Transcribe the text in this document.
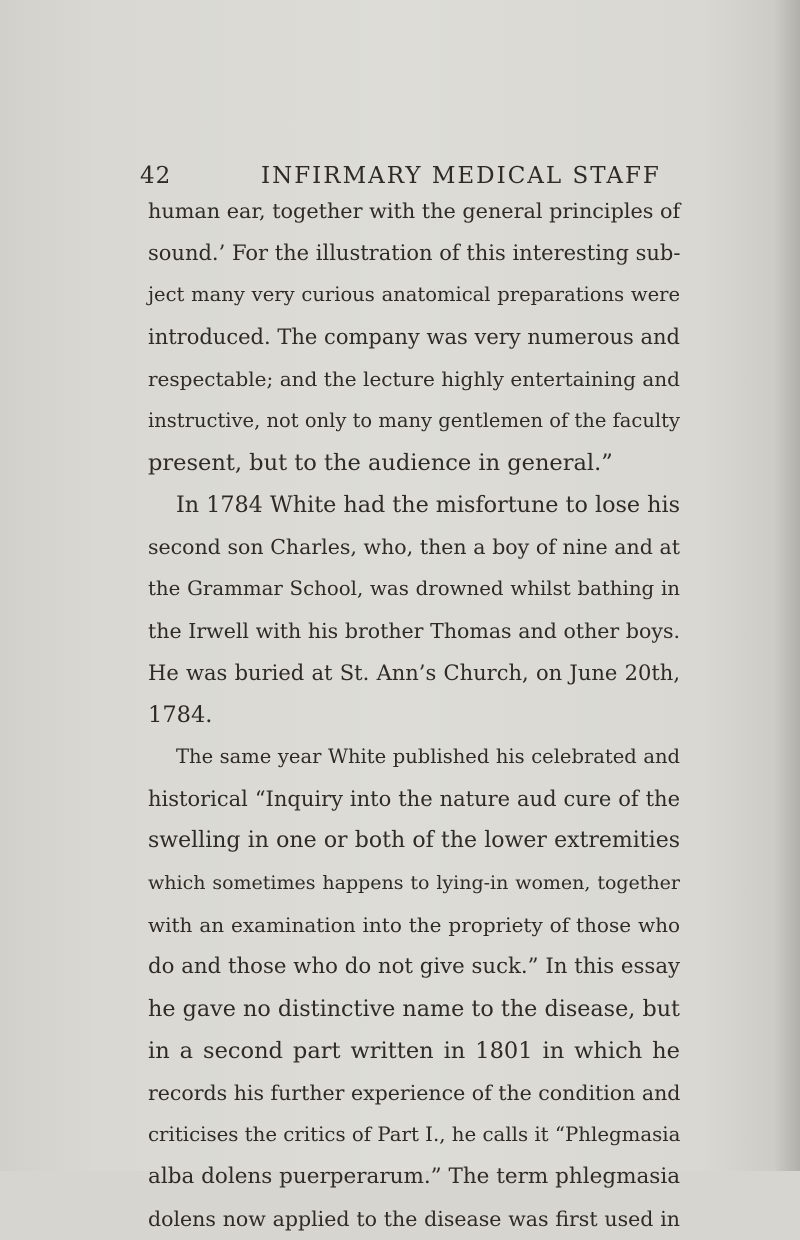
42	INFIRMARY MEDICAL STAFF
human ear, together with the general principles of
sound.’ For the illustration of this interesting sub-
ject many very curious anatomical preparations were
introduced. The company was very numerous and
respectable; and the lecture highly entertaining and
instructive, not only to many gentlemen of the faculty
present, but to the audience in general.”
In 1784 White had the misfortune to lose his
second son Charles, who, then a boy of nine and at
the Grammar School, was drowned whilst bathing in
the Irwell with his brother Thomas and other boys.
He was buried at St. Ann’s Church, on June 20th,
1784.
The same year White published his celebrated and
historical “Inquiry into the nature aud cure of the
swelling in one or both of the lower extremities
which sometimes happens to lying-in women, together
with an examination into the propriety of those who
do and those who do not give suck.” In this essay
he gave no distinctive name to the disease, but
in a second part written in 1801 in which he
records his further experience of the condition and
criticises the critics of Part I., he calls it “Phlegmasia
alba dolens puerperarum.” The term phlegmasia
dolens now applied to the disease was first used in
